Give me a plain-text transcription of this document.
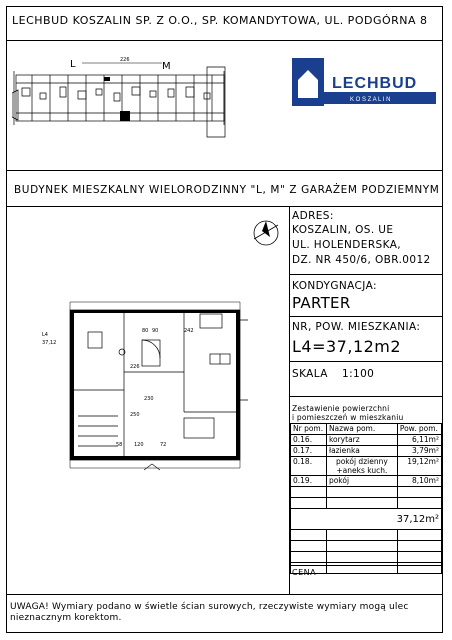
LECHBUD KOSZALIN SP. Z O.O., SP. KOMANDYTOWA, UL. PODGÓRNA 8
L	M
226
LECHBUD
K O S Z A L I N
BUDYNEK MIESZKALNY WIELORODZINNY "L, M" Z GARAŻEM PODZIEMNYM
ADRES:
KOSZALIN, OS. UE
UL. HOLENDERSKA,
DZ. NR 450/6, OBR.0012
KONDYGNACJA:
PARTER
NR, POW. MIESZKANIA:
L4=37,12m2
SKALA 1:100
Zestawienie powierzchni
i pomieszczeń w mieszkaniu
Nr pom.	Nazwa pom.	Pow. pom.
0.16.	korytarz	6,11m²
0.17.	łazienka	3,79m²
0.18.	pokój dzienny +aneks kuch.	19,12m²
0.19.	pokój	8,10m²

37,12m²		

CENA
L4
37,12
58 120	72
90
250
226
80	242
230
UWAGA! Wymiary podano w świetle ścian surowych, rzeczywiste wymiary mogą ulec nieznacznym korektom.
